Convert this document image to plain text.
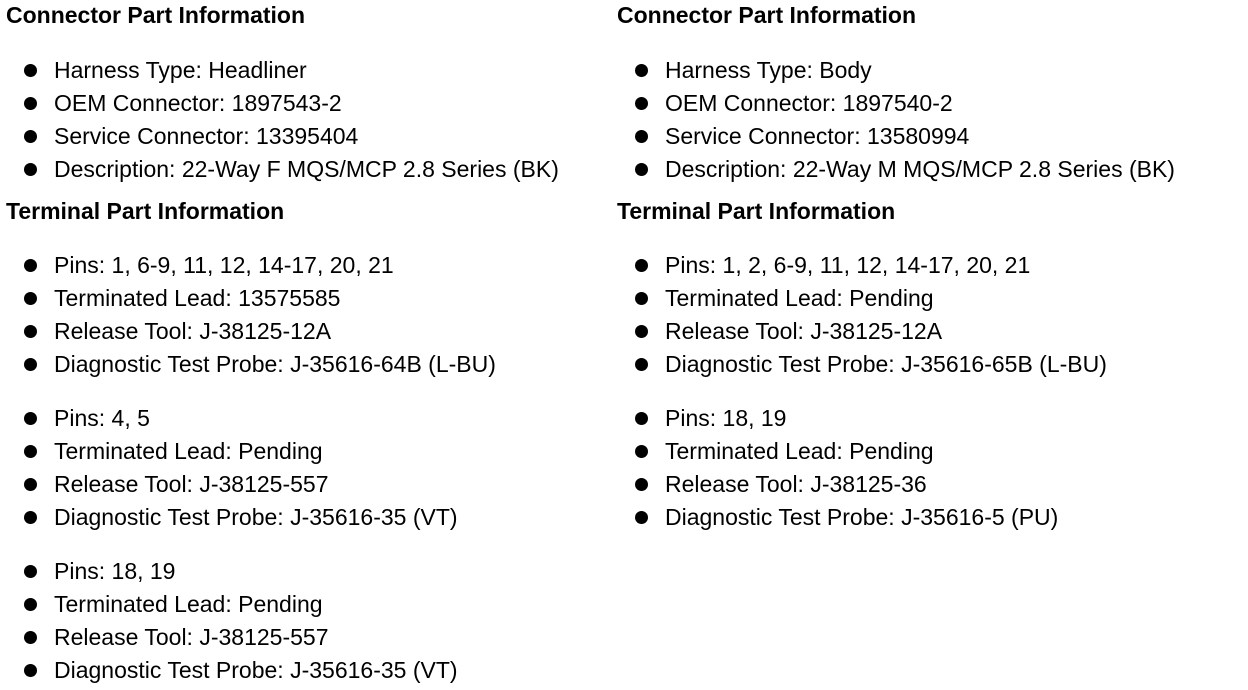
Connector Part Information
Harness Type: Headliner
OEM Connector: 1897543-2
Service Connector: 13395404
Description: 22-Way F MQS/MCP 2.8 Series (BK)
Terminal Part Information
Pins: 1, 6-9, 11, 12, 14-17, 20, 21
Terminated Lead: 13575585
Release Tool: J-38125-12A
Diagnostic Test Probe: J-35616-64B (L-BU)
Pins: 4, 5
Terminated Lead: Pending
Release Tool: J-38125-557
Diagnostic Test Probe: J-35616-35 (VT)
Pins: 18, 19
Terminated Lead: Pending
Release Tool: J-38125-557
Diagnostic Test Probe: J-35616-35 (VT)
Connector Part Information
Harness Type: Body
OEM Connector: 1897540-2
Service Connector: 13580994
Description: 22-Way M MQS/MCP 2.8 Series (BK)
Terminal Part Information
Pins: 1, 2, 6-9, 11, 12, 14-17, 20, 21
Terminated Lead: Pending
Release Tool: J-38125-12A
Diagnostic Test Probe: J-35616-65B (L-BU)
Pins: 18, 19
Terminated Lead: Pending
Release Tool: J-38125-36
Diagnostic Test Probe: J-35616-5 (PU)
